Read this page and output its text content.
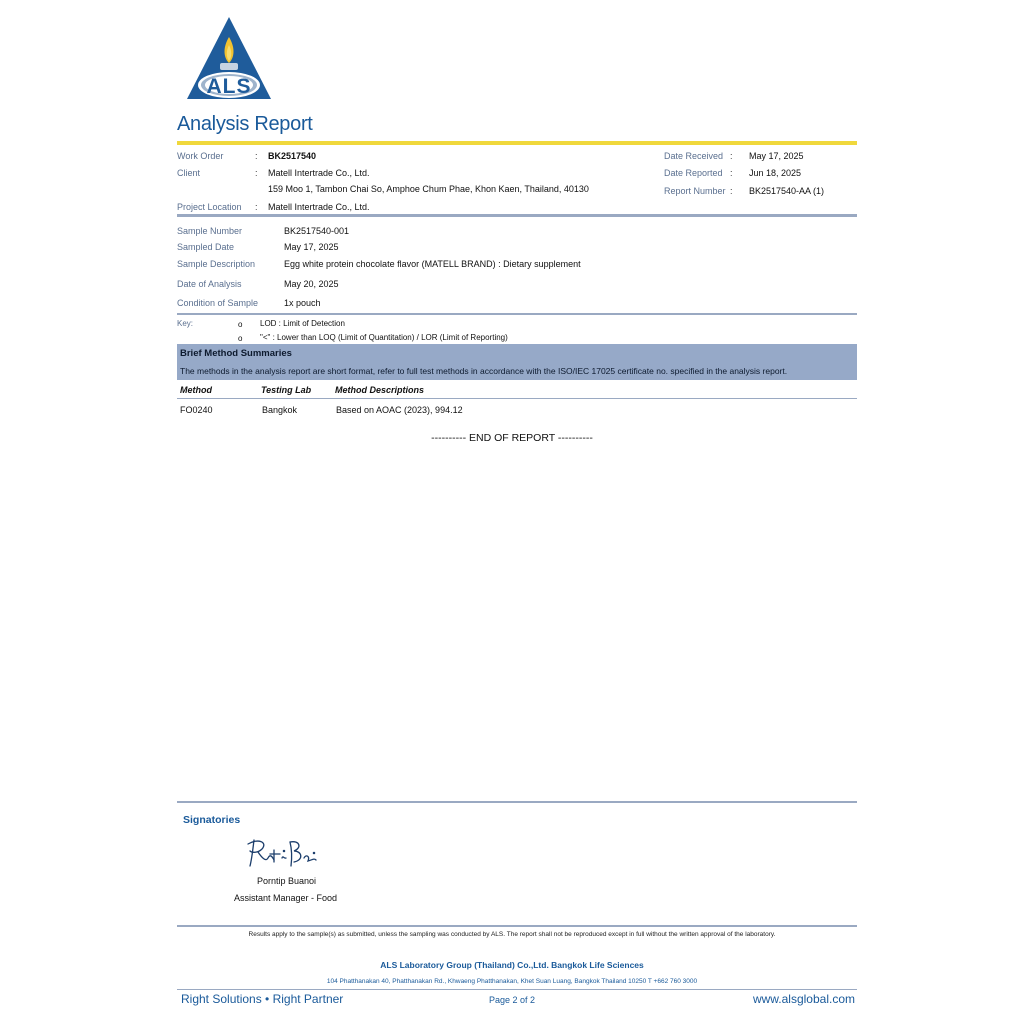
ALS
Analysis Report
Work Order	: BK2517540
Client	: Matell Intertrade Co., Ltd.
159 Moo 1, Tambon Chai So, Amphoe Chum Phae, Khon Kaen, Thailand, 40130
Project Location : Matell Intertrade Co., Ltd.
Date Received : May 17, 2025
Date Reported : Jun 18, 2025
Report Number : BK2517540-AA (1)
Sample Number	BK2517540-001
Sampled Date	May 17, 2025
Sample Description	Egg white protein chocolate flavor (MATELL BRAND) : Dietary supplement
Date of Analysis	May 20, 2025
Condition of Sample	1x pouch
Key:	o LOD : Limit of Detection
o "<" : Lower than LOQ (Limit of Quantitation) / LOR (Limit of Reporting)
Brief Method Summaries
The methods in the analysis report are short format, refer to full test methods in accordance with the ISO/IEC 17025 certificate no. specified in the analysis report.
Method	Testing Lab	Method Descriptions
FO0240	Bangkok	Based on AOAC (2023), 994.12
---------- END OF REPORT ----------
Signatories
Porntip Buanoi
Assistant Manager - Food
Results apply to the sample(s) as submitted, unless the sampling was conducted by ALS. The report shall not be reproduced except in full without the written approval of the laboratory.
ALS Laboratory Group (Thailand) Co.,Ltd. Bangkok Life Sciences
104 Phatthanakan 40, Phatthanakan Rd., Khwaeng Phatthanakan, Khet Suan Luang, Bangkok Thailand 10250 T +662 760 3000
Right Solutions • Right Partner	Page 2 of 2	www.alsglobal.com
